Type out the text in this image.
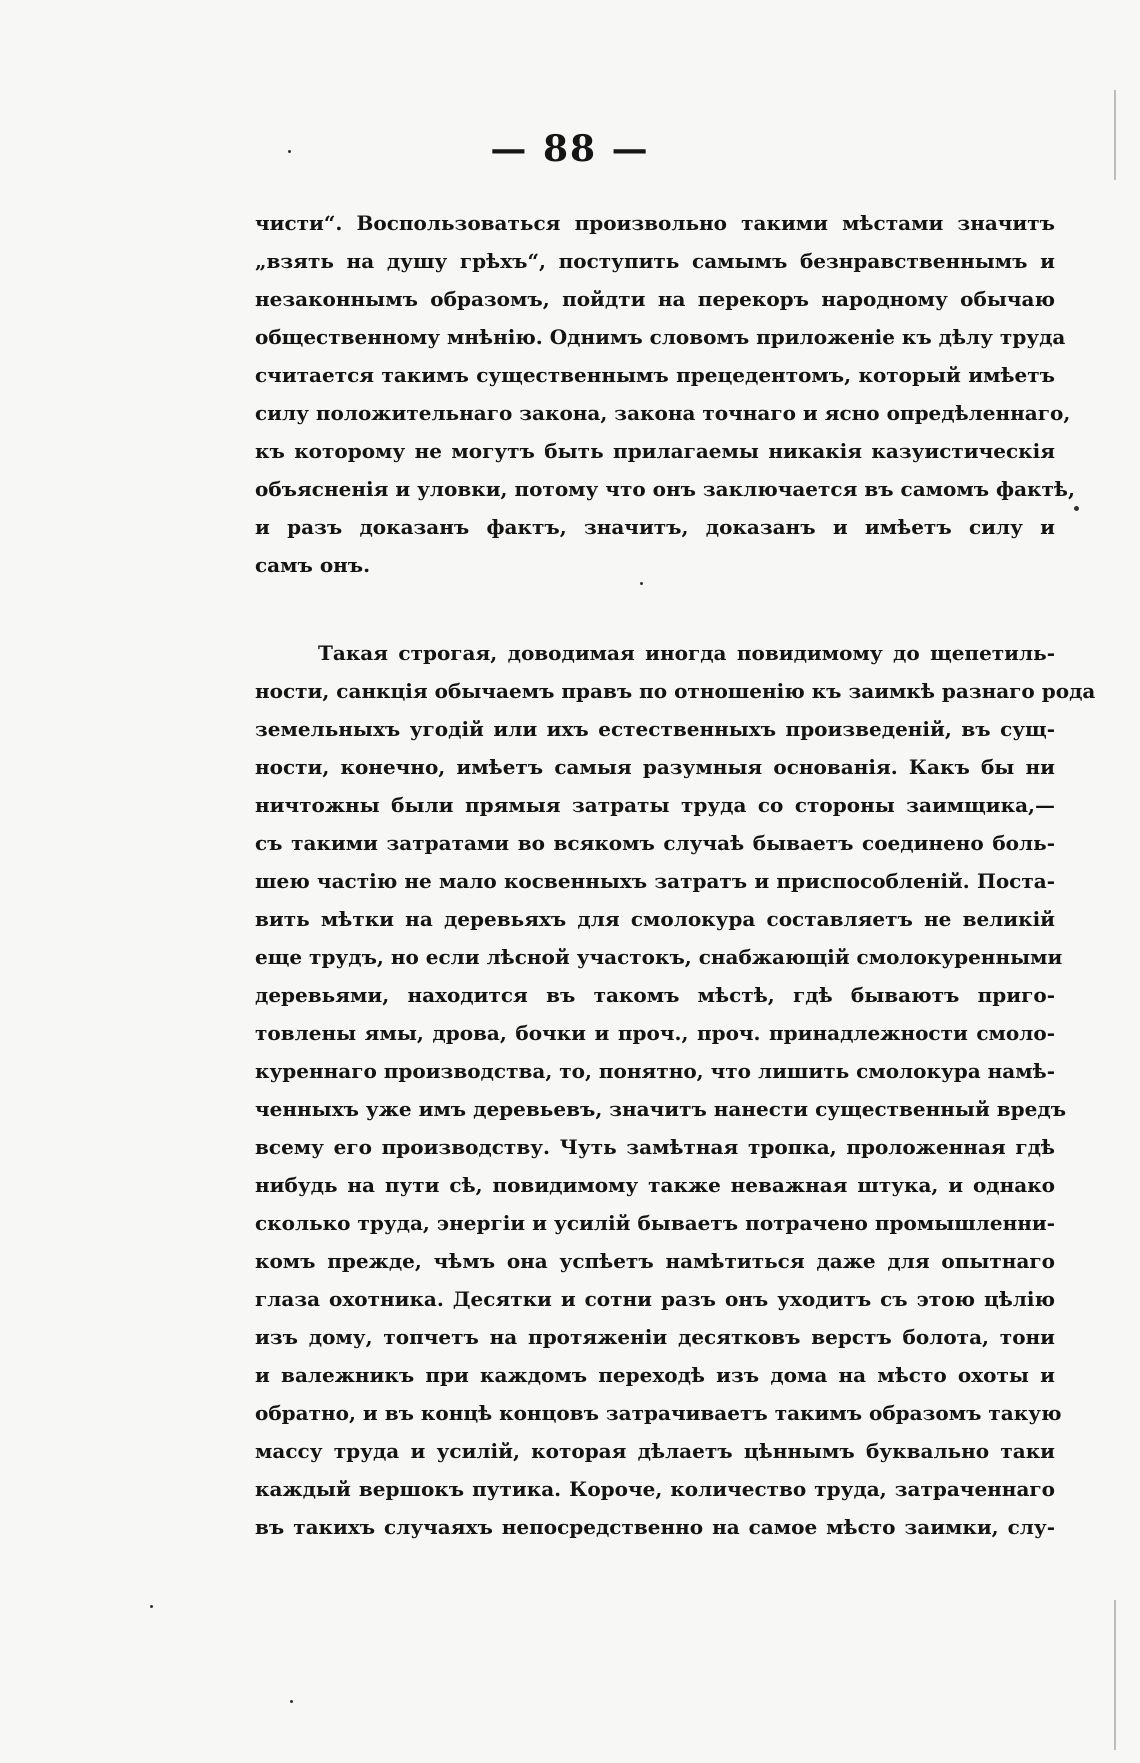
— 88 —
чисти“. Воспользоваться произвольно такими мѣстами значитъ
„взять на душу грѣхъ“, поступить самымъ безнравственнымъ и
незаконнымъ образомъ, пойдти на перекоръ народному обычаю
общественному мнѣнію. Однимъ словомъ приложеніе къ дѣлу труда
считается такимъ существеннымъ прецедентомъ, который имѣетъ
силу положительнаго закона, закона точнаго и ясно опредѣленнаго,
къ которому не могутъ быть прилагаемы никакія казуистическія
объясненія и уловки, потому что онъ заключается въ самомъ фактѣ,
и разъ доказанъ фактъ, значитъ, доказанъ и имѣетъ силу и
самъ онъ.
Такая строгая, доводимая иногда повидимому до щепетиль-
ности, санкція обычаемъ правъ по отношенію къ заимкѣ разнаго рода
земельныхъ угодій или ихъ естественныхъ произведеній, въ сущ-
ности, конечно, имѣетъ самыя разумныя основанія. Какъ бы ни
ничтожны были прямыя затраты труда со стороны заимщика,—
съ такими затратами во всякомъ случаѣ бываетъ соединено боль-
шею частію не мало косвенныхъ затратъ и приспособленій. Поста-
вить мѣтки на деревьяхъ для смолокура составляетъ не великій
еще трудъ, но если лѣсной участокъ, снабжающій смолокуренными
деревьями, находится въ такомъ мѣстѣ, гдѣ бываютъ приго-
товлены ямы, дрова, бочки и проч., проч. принадлежности смоло-
куреннаго производства, то, понятно, что лишить смолокура намѣ-
ченныхъ уже имъ деревьевъ, значитъ нанести существенный вредъ
всему его производству. Чуть замѣтная тропка, проложенная гдѣ
нибудь на пути сѣ, повидимому также неважная штука, и однако
сколько труда, энергіи и усилій бываетъ потрачено промышленни-
комъ прежде, чѣмъ она успѣетъ намѣтиться даже для опытнаго
глаза охотника. Десятки и сотни разъ онъ уходитъ съ этою цѣлію
изъ дому, топчетъ на протяженіи десятковъ верстъ болота, тони
и валежникъ при каждомъ переходѣ изъ дома на мѣсто охоты и
обратно, и въ концѣ концовъ затрачиваетъ такимъ образомъ такую
массу труда и усилій, которая дѣлаетъ цѣннымъ буквально таки
каждый вершокъ путика. Короче, количество труда, затраченнаго
въ такихъ случаяхъ непосредственно на самое мѣсто заимки, слу-
